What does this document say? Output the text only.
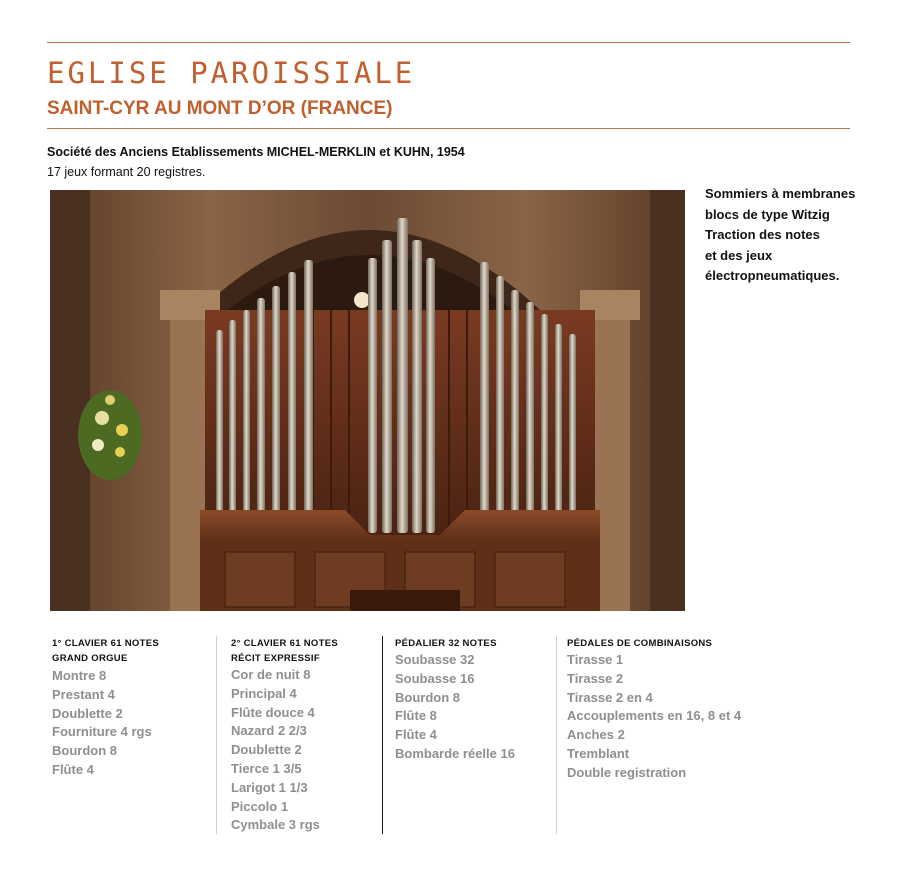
EGLISE PAROISSIALE
SAINT-CYR AU MONT D’OR (FRANCE)
Société des Anciens Etablissements MICHEL-MERKLIN et KUHN, 1954
17 jeux formant 20 registres.
Sommiers à membranes
blocs de type Witzig
Traction des notes
et des jeux
électropneumatiques.
1° CLAVIER 61 NOTES
GRAND ORGUE
Montre 8
Prestant 4
Doublette 2
Fourniture 4 rgs
Bourdon 8
Flûte 4
2° CLAVIER 61 NOTES
RÉCIT EXPRESSIF
Cor de nuit 8
Principal 4
Flûte douce 4
Nazard 2 2/3
Doublette 2
Tierce 1 3/5
Larigot 1 1/3
Piccolo 1
Cymbale 3 rgs
PÉDALIER 32 NOTES
Soubasse 32
Soubasse 16
Bourdon 8
Flûte 8
Flûte 4
Bombarde réelle 16
PÉDALES DE COMBINAISONS
Tirasse 1
Tirasse 2
Tirasse 2 en 4
Accouplements en 16, 8 et 4
Anches 2
Tremblant
Double registration
